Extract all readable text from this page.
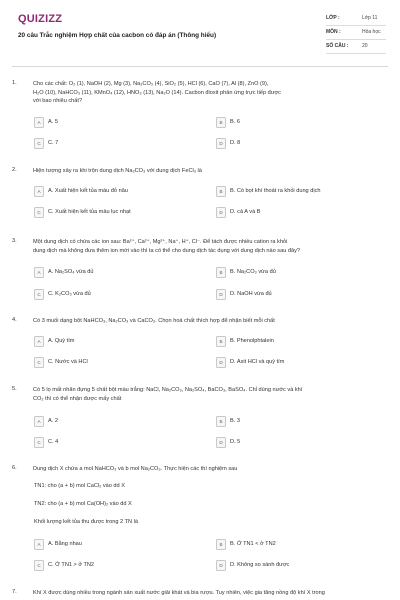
QUIZIZZ
20 câu Trắc nghiệm Hợp chất của cacbon có đáp án (Thông hiểu)
LỚP :	Lớp 11
MÔN :	Hóa học
SỐ CÂU :	20
1.	Cho các chất: O₂ (1), NaOH (2), Mg (3), Na₂CO₃ (4), SiO₂ (5), HCl (6), CaO (7), Al (8), ZnO (9),
H₂O (10), NaHCO₃ (11), KMnO₄ (12), HNO₃ (13), Na₂O (14). Cacbon đioxit phản ứng trực tiếp được
với bao nhiêu chất?
A	A. 5	B	B. 6
C	C. 7	D	D. 8
2.	Hiện tượng xảy ra khi trộn dung dịch Na₂CO₃ với dung dịch FeCl₃ là
A	A. Xuất hiện kết tủa màu đỏ nâu	B	B. Có bọt khí thoát ra khỏi dung dịch
C	C. Xuất hiện kết tủa màu lục nhạt	D	D. cả A và B
3.	Một dung dịch có chứa các ion sau: Ba²⁺, Ca²⁺, Mg²⁺, Na⁺, H⁺, Cl⁻. Để tách được nhiều cation ra khỏi
dung dịch mà không đưa thêm ion mới vào thì ta có thể cho dung dịch tác dụng với dung dịch nào sau đây?
A	A. Na₂SO₄ vừa đủ	B	B. Na₂CO₃ vừa đủ
C	C. K₂CO₃ vừa đủ	D	D. NaOH vừa đủ
4.	Có 3 muối dạng bột NaHCO₃, Na₂CO₃ và CaCO₃. Chọn hoá chất thích hợp để nhận biết mỗi chất
A	A. Quỳ tím	B	B. Phenolphtalein
C	C. Nước và HCl	D	D. Axit HCl và quỳ tím
5.	Có 5 lọ mất nhãn đựng 5 chất bột màu trắng: NaCl, Na₂CO₃, Na₂SO₄, BaCO₃, BaSO₄. Chỉ dùng nước và khí
CO₂ thì có thể nhận được mấy chất
A	A. 2	B	B. 3
C	C. 4	D	D. 5
6.	Dung dịch X chứa a mol NaHCO₃ và b mol Na₂CO₃. Thực hiện các thí nghiệm sau
TN1: cho (a + b) mol CaCl₂ vào dd X
TN2: cho (a + b) mol Ca(OH)₂ vào dd X
Khối lượng kết tủa thu được trong 2 TN là
A	A. Bằng nhau	B	B. Ở TN1 < ở TN2
C	C. Ở TN1 > ở TN2	D	D. Không so sánh được
7.	Khí X được dùng nhiều trong ngành sản xuất nước giải khát và bia rượu. Tuy nhiên, việc gia tăng nồng độ khí X trong
